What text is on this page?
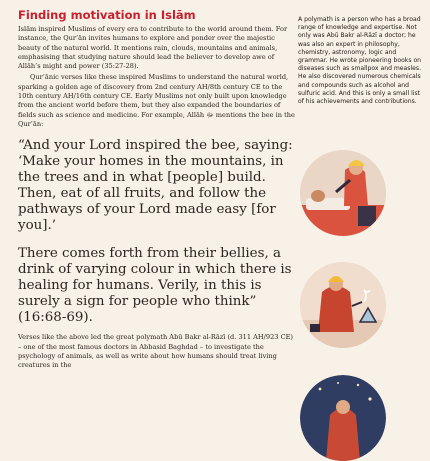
Finding motivation in Islām

Islām inspired Muslims of every era to contribute to the world around them. For instance, the Qur’ān invites humans to explore and ponder over the majestic beauty of the natural world. It mentions rain, clouds, mountains and animals, emphasising that studying nature should lead the believer to develop awe of Allāh’s might and power (35:27-28).

Qur’ānic verses like these inspired Muslims to understand the natural world, sparking a golden age of discovery from 2nd century AH/8th century CE to the 10th century AH/16th century CE. Early Muslims not only built upon knowledge from the ancient world before them, but they also expanded the boundaries of fields such as science and medicine. For example, Allāh ﷻ mentions the bee in the Qur’ān:

“And your Lord inspired the bee, saying: ‘Make your homes in the mountains, in the trees and in what [people] build. Then, eat of all fruits, and follow the pathways of your Lord made easy [for you].’

There comes forth from their bellies, a drink of varying colour in which there is healing for humans. Verily, in this is surely a sign for people who think” (16:68-69).

Verses like the above led the great polymath Abū Bakr al-Rāzī (d. 311 AH/923 CE) – one of the most famous doctors in Abbasid Baghdad – to investigate the psychology of animals, as well as write about how humans should treat living creatures in the

A polymath is a person who has a broad range of knowledge and expertise. Not only was Abū Bakr al-Rāzī a doctor; he was also an expert in philosophy, chemistry, astronomy, logic and grammar. He wrote pioneering books on diseases such as smallpox and measles. He also discovered numerous chemicals and compounds such as alcohol and sulfuric acid. And this is only a small list of his achievements and contributions.
